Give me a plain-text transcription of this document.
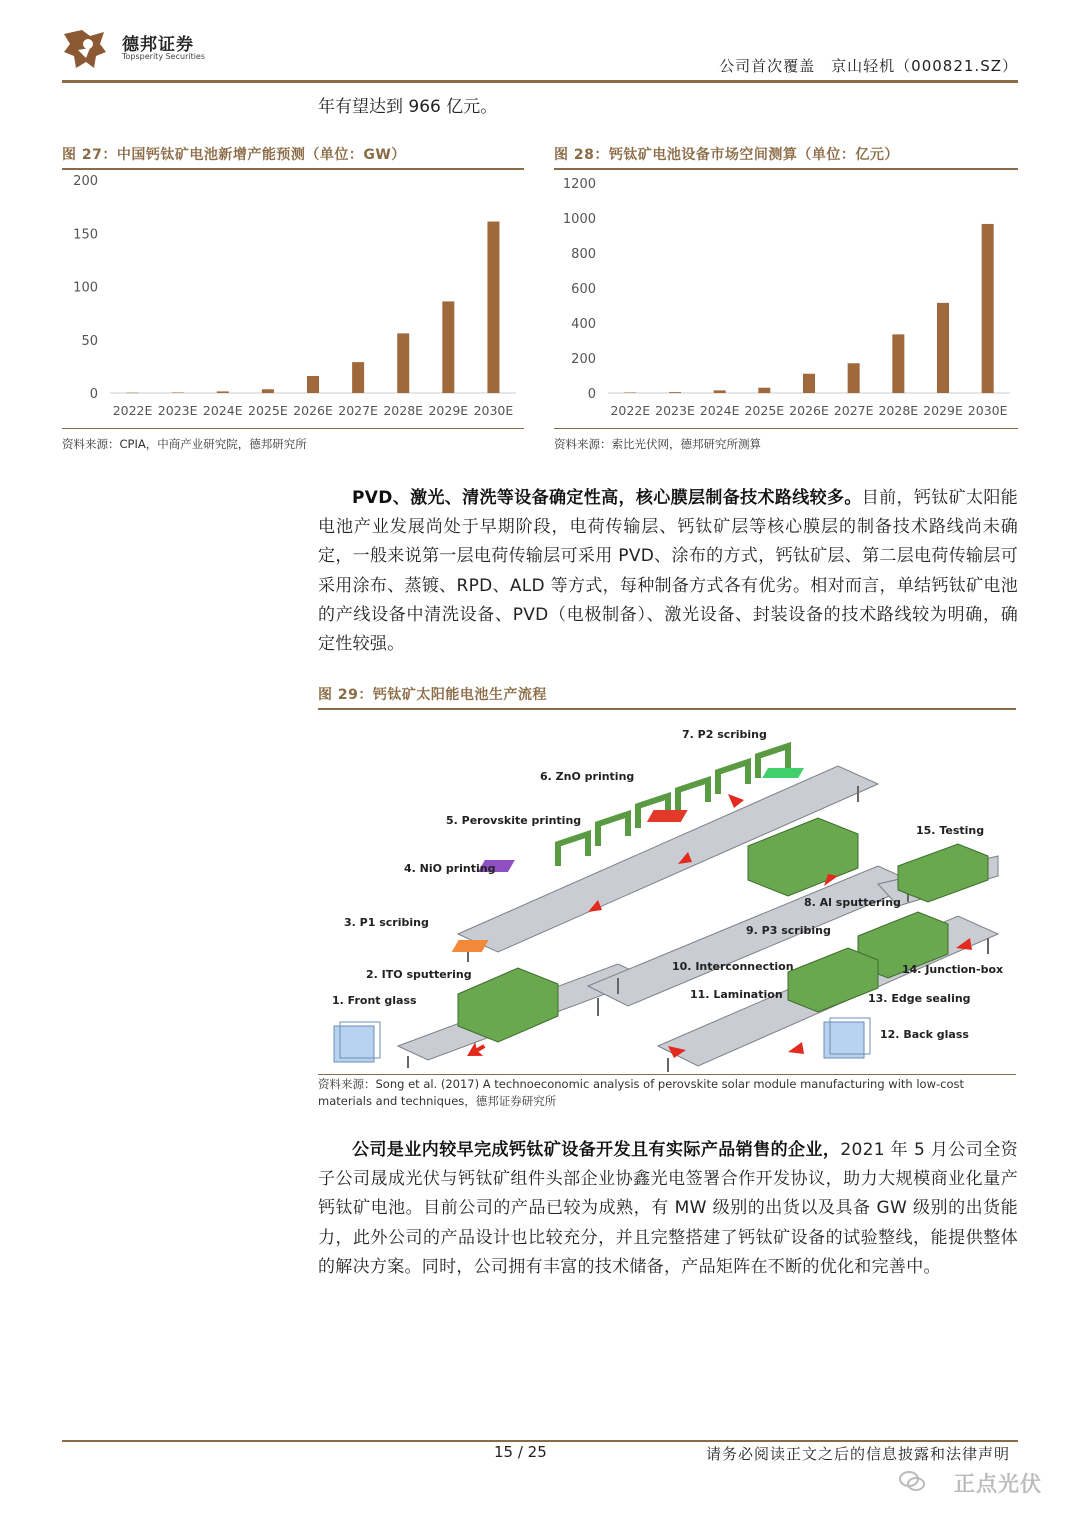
德邦证券
Topsperity Securities
公司首次覆盖　京山轻机（000821.SZ）
年有望达到 966 亿元。
图 27：中国钙钛矿电池新增产能预测（单位：GW）
0
50
100
150
200
2022E 2023E 2024E 2025E 2026E 2027E 2028E 2029E 2030E
资料来源：CPIA，中商产业研究院，德邦研究所
图 28：钙钛矿电池设备市场空间测算（单位：亿元）
0
200
400
600
800
1000
1200
2022E 2023E 2024E 2025E 2026E 2027E 2028E 2029E 2030E
资料来源：索比光伏网，德邦研究所测算
PVD、激光、清洗等设备确定性高，核心膜层制备技术路线较多。目前，钙钛矿太阳能电池产业发展尚处于早期阶段，电荷传输层、钙钛矿层等核心膜层的制备技术路线尚未确定，一般来说第一层电荷传输层可采用 PVD、涂布的方式，钙钛矿层、第二层电荷传输层可采用涂布、蒸镀、RPD、ALD 等方式，每种制备方式各有优劣。相对而言，单结钙钛矿电池的产线设备中清洗设备、PVD（电极制备）、激光设备、封装设备的技术路线较为明确，确定性较强。
图 29：钙钛矿太阳能电池生产流程
1. Front glass
2. ITO sputtering
3. P1 scribing
4. NiO printing
5. Perovskite printing
6. ZnO printing
7. P2 scribing
8. Al sputtering
9. P3 scribing
10. Interconnection
11. Lamination
12. Back glass
13. Edge sealing
14. Junction-box
15. Testing
资料来源：Song et al. (2017) A technoeconomic analysis of perovskite solar module manufacturing with low-cost materials and techniques，德邦证券研究所
公司是业内较早完成钙钛矿设备开发且有实际产品销售的企业，2021 年 5 月公司全资子公司晟成光伏与钙钛矿组件头部企业协鑫光电签署合作开发协议，助力大规模商业化量产钙钛矿电池。目前公司的产品已较为成熟，有 MW 级别的出货以及具备 GW 级别的出货能力，此外公司的产品设计也比较充分，并且完整搭建了钙钛矿设备的试验整线，能提供整体的解决方案。同时，公司拥有丰富的技术储备，产品矩阵在不断的优化和完善中。
15 / 25	请务必阅读正文之后的信息披露和法律声明
正点光伏
